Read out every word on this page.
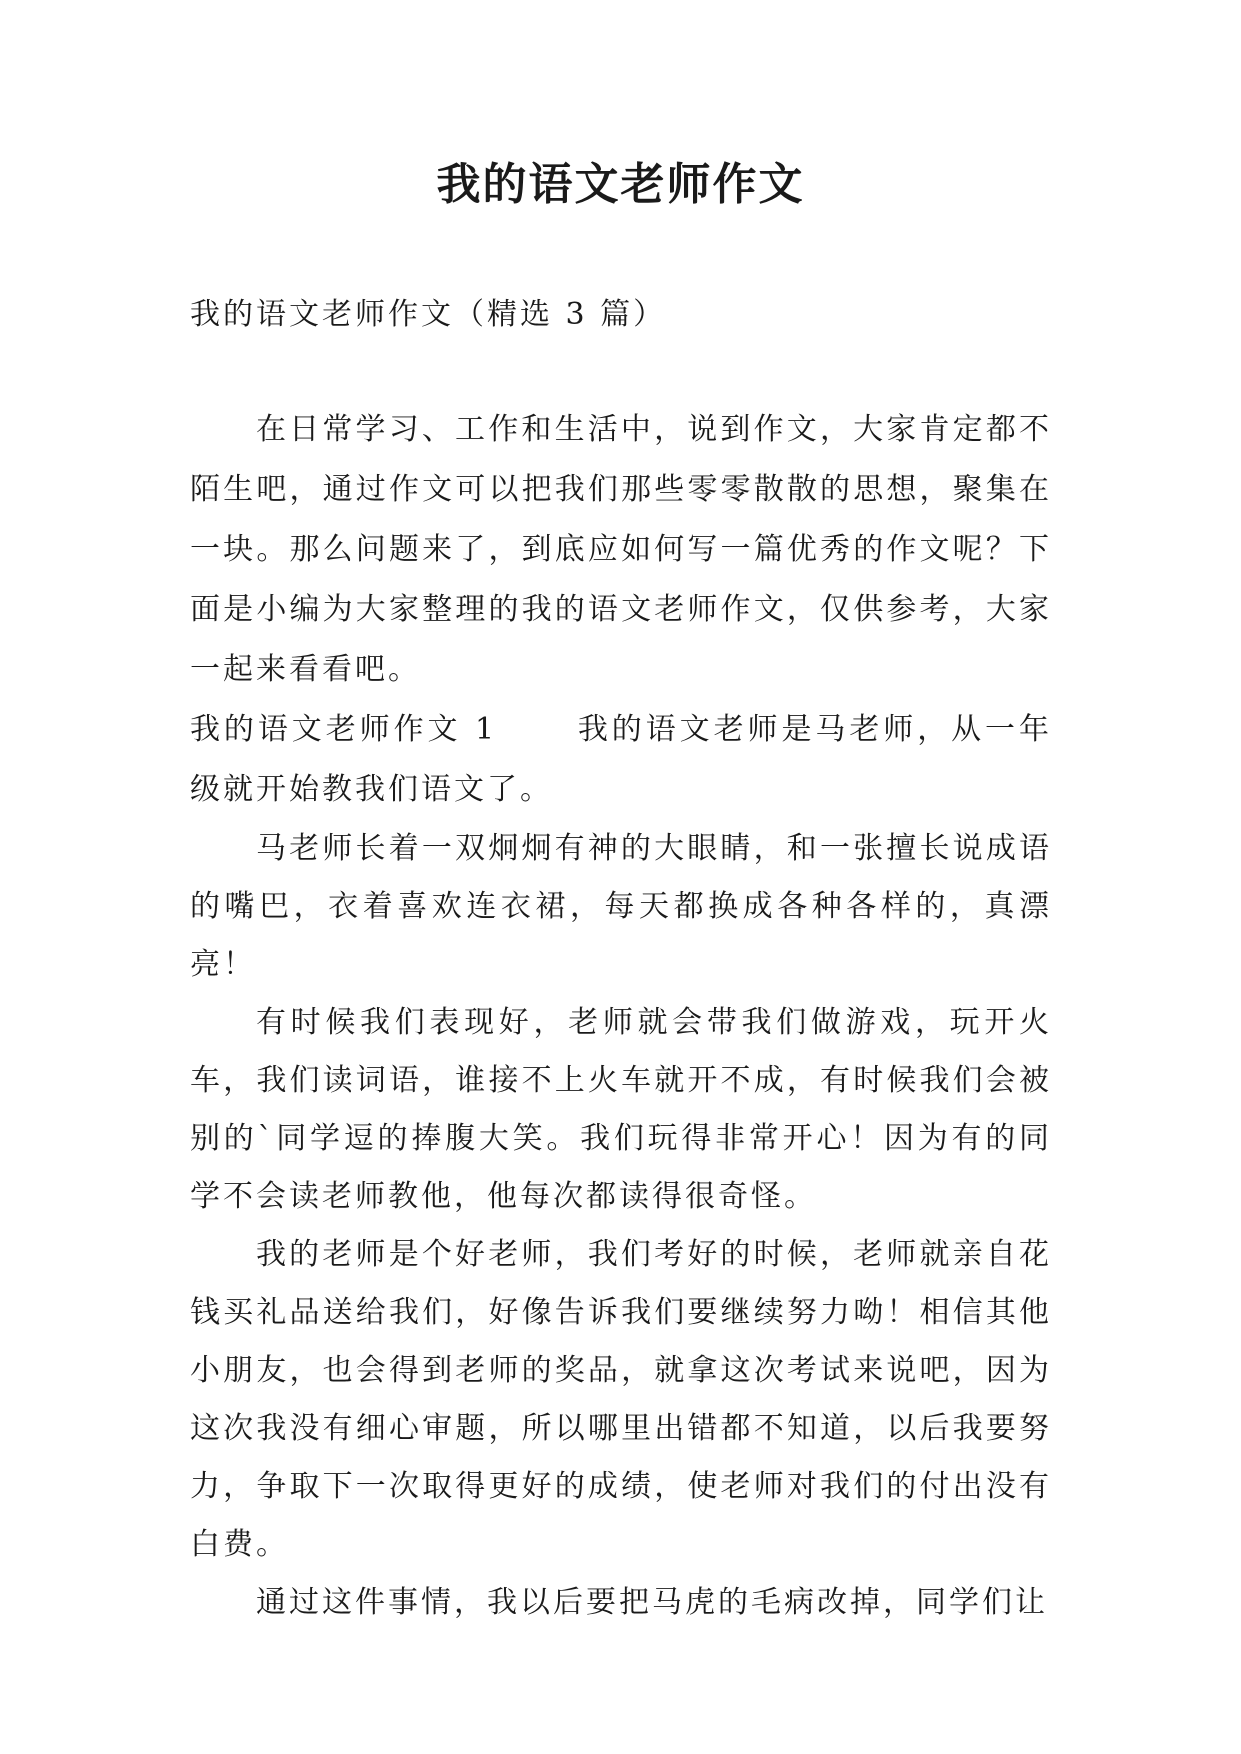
我的语文老师作文

我的语文老师作文（精选 3 篇）

在日常学习、工作和生活中，说到作文，大家肯定都不陌生吧，通过作文可以把我们那些零零散散的思想，聚集在一块。那么问题来了，到底应如何写一篇优秀的作文呢？下面是小编为大家整理的我的语文老师作文，仅供参考，大家一起来看看吧。

我的语文老师作文 1      我的语文老师是马老师，从一年级就开始教我们语文了。

马老师长着一双炯炯有神的大眼睛，和一张擅长说成语的嘴巴，衣着喜欢连衣裙，每天都换成各种各样的，真漂亮！

有时候我们表现好，老师就会带我们做游戏，玩开火车，我们读词语，谁接不上火车就开不成，有时候我们会被别的`同学逗的捧腹大笑。我们玩得非常开心！因为有的同学不会读老师教他，他每次都读得很奇怪。

我的老师是个好老师，我们考好的时候，老师就亲自花钱买礼品送给我们，好像告诉我们要继续努力呦！相信其他小朋友，也会得到老师的奖品，就拿这次考试来说吧，因为这次我没有细心审题，所以哪里出错都不知道，以后我要努力，争取下一次取得更好的成绩，使老师对我们的付出没有白费。

通过这件事情，我以后要把马虎的毛病改掉，同学们让
